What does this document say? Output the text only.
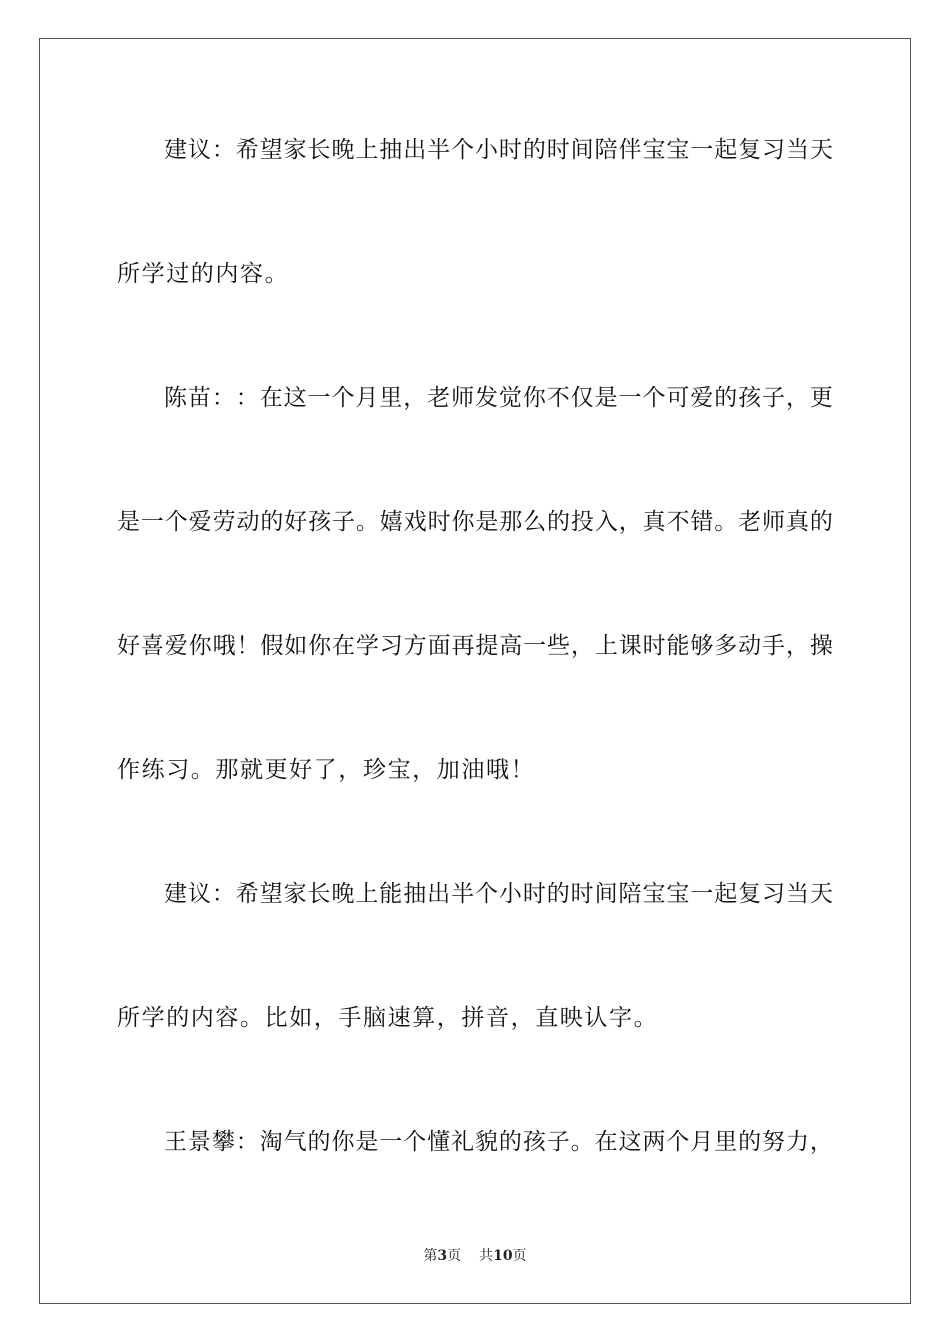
建 议 ： 希 望 家 长 晚 上 抽 出 半 个 小 时 的 时 间 陪 伴 宝 宝 一 起 复 习 当 天
所学过的内容。
陈 苗 ： ： 在 这 一 个 月 里 ， 老 师 发 觉 你 不 仅 是 一 个 可 爱 的 孩 子 ， 更
是 一 个 爱 劳 动 的 好 孩 子 。 嬉 戏 时 你 是 那 么 的 投 入 ， 真 不 错 。 老 师 真 的
好 喜 爱 你 哦 ！ 假 如 你 在 学 习 方 面 再 提 高 一 些 ， 上 课 时 能 够 多 动 手 ， 操
作练习。那就更好了，珍宝，加油哦！
建 议 ： 希 望 家 长 晚 上 能 抽 出 半 个 小 时 的 时 间 陪 宝 宝 一 起 复 习 当 天
所学的内容。比如，手脑速算，拼音，直映认字。
王 景 攀 ： 淘 气 的 你 是 一 个 懂 礼 貌 的 孩 子 。 在 这 两 个 月 里 的 努 力 ，
第3页 共10页
